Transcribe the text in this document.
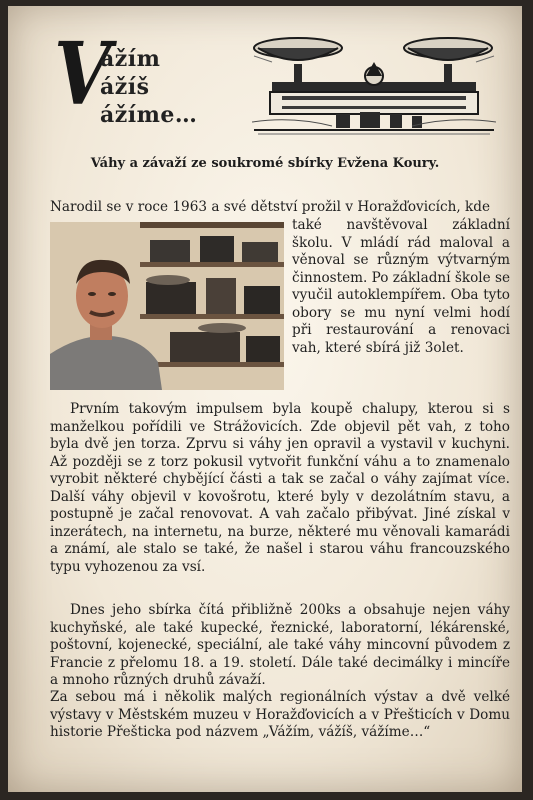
V
ážím
ážíš
ážíme…
Váhy a závaží ze soukromé sbírky Evžena Koury.
Narodil se v roce 1963 a své dětství prožil v Horažďovicích, kde
také navštěvoval základní školu. V mládí rád maloval a věnoval se různým výtvarným činnostem. Po základní škole se vyučil autoklempířem. Oba tyto obory se mu nyní velmi hodí při restaurování a renovaci vah, které sbírá již 3olet.
Prvním takovým impulsem byla koupě chalupy, kterou si s manželkou pořídili ve Strážovicích. Zde objevil pět vah, z toho byla dvě jen torza. Zprvu si váhy jen opravil a vystavil v kuchyni. Až později se z torz pokusil vytvořit funkční váhu a to znamenalo vyrobit některé chybějící části a tak se začal o váhy zajímat více. Další váhy objevil v kovošrotu, které byly v dezolátním stavu, a postupně je začal renovovat. A vah začalo přibývat. Jiné získal v inzerátech, na internetu, na burze, některé mu věnovali kamarádi a známí, ale stalo se také, že našel i starou váhu francouzského typu vyhozenou za vsí.
Dnes jeho sbírka čítá přibližně 200ks a obsahuje nejen váhy kuchyňské, ale také kupecké, řeznické, laboratorní, lékárenské, poštovní, kojenecké, speciální, ale také váhy mincovní původem z Francie z přelomu 18. a 19. století. Dále také decimálky i mincíře a mnoho různých druhů závaží.
Za sebou má i několik malých regionálních výstav a dvě velké výstavy v Městském muzeu v Horažďovicích a v Přešticích v Domu historie Přešticka pod názvem „Vážím, vážíš, vážíme…“
